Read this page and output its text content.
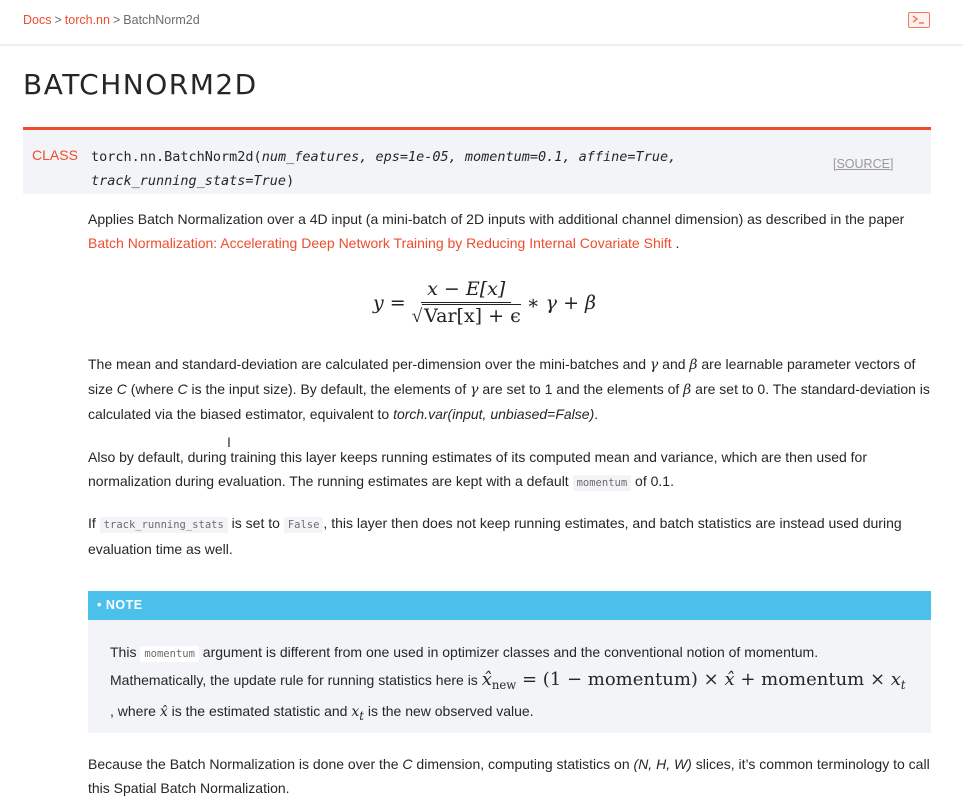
Docs > torch.nn > BatchNorm2d
BATCHNORM2D
CLASS torch.nn.BatchNorm2d(num_features, eps=1e-05, momentum=0.1, affine=True,
track_running_stats=True)
[SOURCE]
Applies Batch Normalization over a 4D input (a mini-batch of 2D inputs with additional channel dimension) as described in the paper Batch Normalization: Accelerating Deep Network Training by Reducing Internal Covariate Shift .
$y = \frac{x - E[x]}{\text{√ Var[x] + ϵ}}$ ∗ γ + β
The mean and standard-deviation are calculated per-dimension over the mini-batches and γ and β are learnable parameter vectors of size C (where C is the input size). By default, the elements of γ are set to 1 and the elements of β are set to 0. The standard-deviation is calculated via the biased estimator, equivalent to torch.var(input, unbiased=False).
I
Also by default, during training this layer keeps running estimates of its computed mean and variance, which are then used for normalization during evaluation. The running estimates are kept with a default momentum of 0.1.
If track_running_stats is set to False , this layer then does not keep running estimates, and batch statistics are instead used during evaluation time as well.
• NOTE
This momentum argument is different from one used in optimizer classes and the conventional notion of momentum. Mathematically, the update rule for running statistics here is $x̂_{new} = (1$ − momentum) × x̂ + momentum × $x_t$ , where x̂ is the estimated statistic and $x_t$ is the new observed value.
Because the Batch Normalization is done over the C dimension, computing statistics on (N, H, W) slices, it’s common terminology to call this Spatial Batch Normalization.
